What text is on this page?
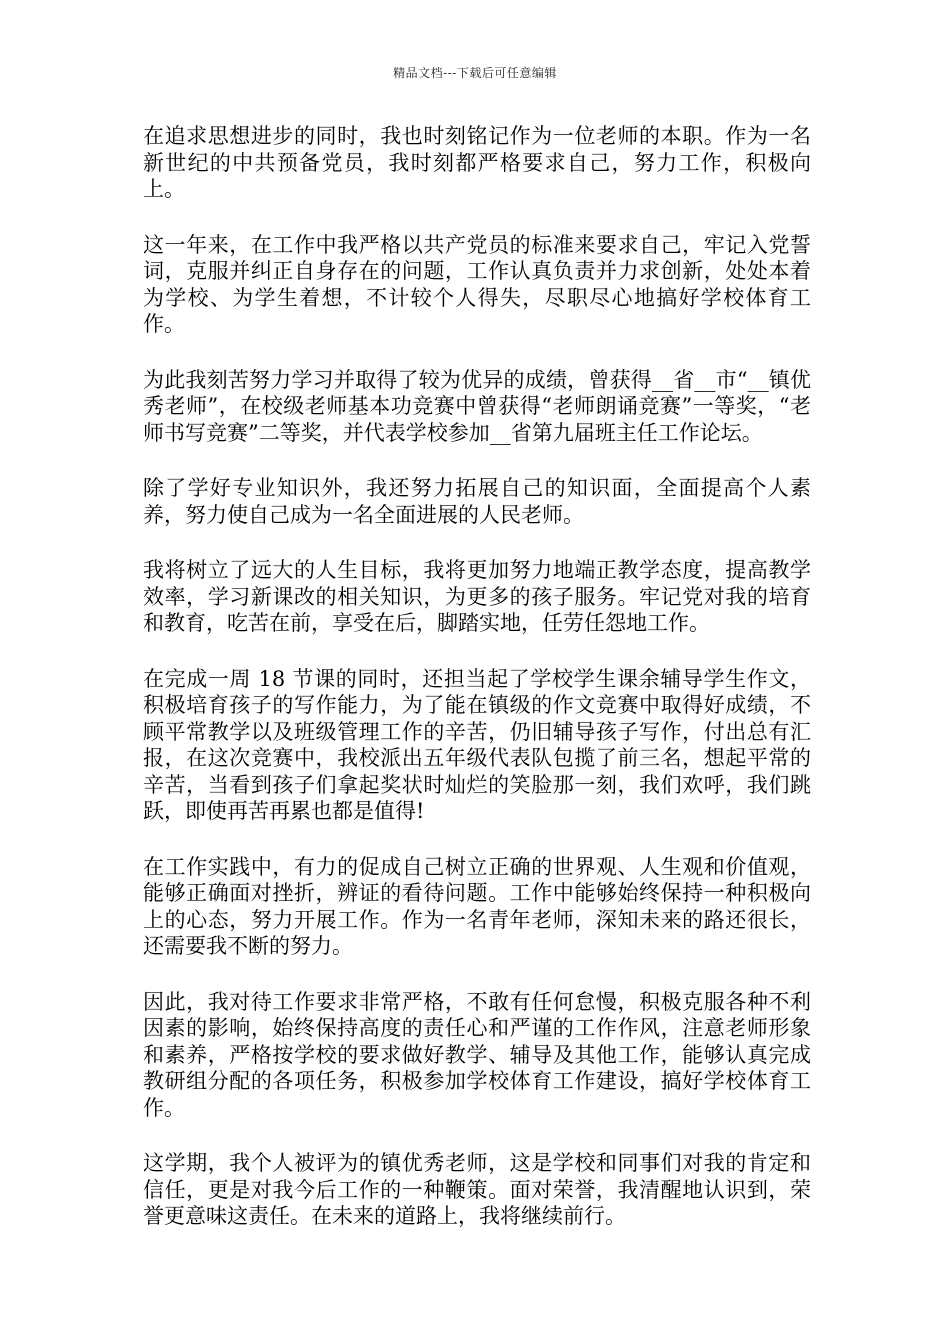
精品文档---下载后可任意编辑

在追求思想进步的同时，我也时刻铭记作为一位老师的本职。作为一名新世纪的中共预备党员，我时刻都严格要求自己，努力工作，积极向上。

这一年来，在工作中我严格以共产党员的标准来要求自己，牢记入党誓词，克服并纠正自身存在的问题，工作认真负责并力求创新，处处本着为学校、为学生着想，不计较个人得失，尽职尽心地搞好学校体育工作。

为此我刻苦努力学习并取得了较为优异的成绩，曾获得__省__市“__镇优秀老师”，在校级老师基本功竞赛中曾获得“老师朗诵竞赛”一等奖，“老师书写竞赛”二等奖，并代表学校参加__省第九届班主任工作论坛。

除了学好专业知识外，我还努力拓展自己的知识面，全面提高个人素养，努力使自己成为一名全面进展的人民老师。

我将树立了远大的人生目标，我将更加努力地端正教学态度，提高教学效率，学习新课改的相关知识，为更多的孩子服务。牢记党对我的培育和教育，吃苦在前，享受在后，脚踏实地，任劳任怨地工作。

在完成一周 18 节课的同时，还担当起了学校学生课余辅导学生作文，积极培育孩子的写作能力，为了能在镇级的作文竞赛中取得好成绩，不顾平常教学以及班级管理工作的辛苦，仍旧辅导孩子写作，付出总有汇报，在这次竞赛中，我校派出五年级代表队包揽了前三名，想起平常的辛苦，当看到孩子们拿起奖状时灿烂的笑脸那一刻，我们欢呼，我们跳跃，即使再苦再累也都是值得!

在工作实践中，有力的促成自己树立正确的世界观、人生观和价值观，能够正确面对挫折，辨证的看待问题。工作中能够始终保持一种积极向上的心态，努力开展工作。作为一名青年老师，深知未来的路还很长，还需要我不断的努力。

因此，我对待工作要求非常严格，不敢有任何怠慢，积极克服各种不利因素的影响，始终保持高度的责任心和严谨的工作作风，注意老师形象和素养，严格按学校的要求做好教学、辅导及其他工作，能够认真完成教研组分配的各项任务，积极参加学校体育工作建设，搞好学校体育工作。

这学期，我个人被评为的镇优秀老师，这是学校和同事们对我的肯定和信任，更是对我今后工作的一种鞭策。面对荣誉，我清醒地认识到，荣誉更意味这责任。在未来的道路上，我将继续前行。
